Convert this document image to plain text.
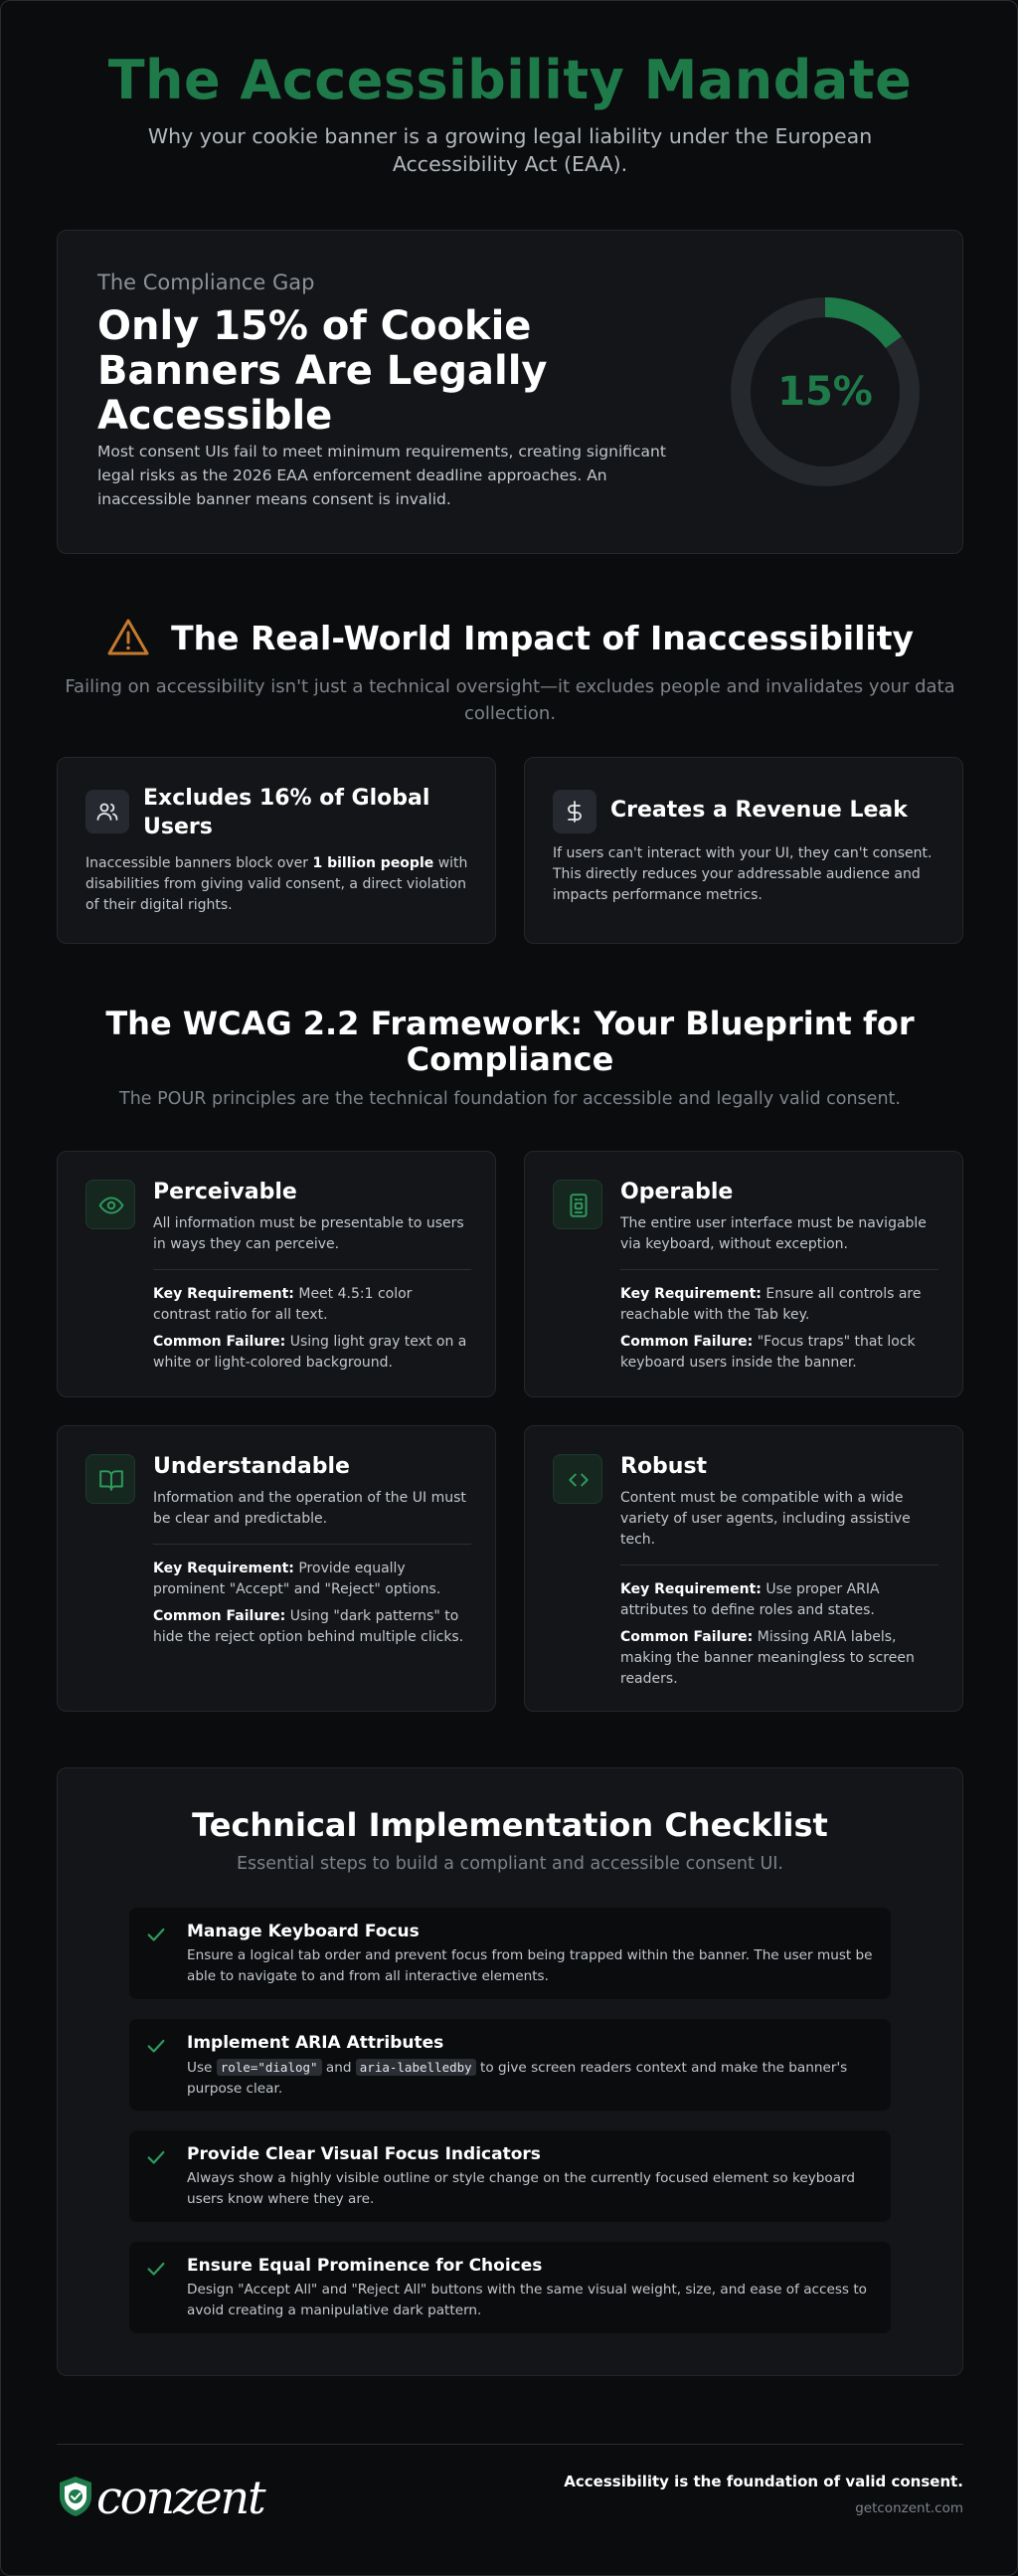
The Accessibility Mandate

Why your cookie banner is a growing legal liability under the European Accessibility Act (EAA).

The Compliance Gap
Only 15% of Cookie Banners Are Legally Accessible

Most consent UIs fail to meet minimum requirements, creating significant legal risks as the 2026 EAA enforcement deadline approaches. An inaccessible banner means consent is invalid.

15%
The Real-World Impact of Inaccessibility

Failing on accessibility isn't just a technical oversight—it excludes people and invalidates your data collection.

Excludes 16% of Global Users

Inaccessible banners block over 1 billion people with disabilities from giving valid consent, a direct violation of their digital rights.

Creates a Revenue Leak

If users can't interact with your UI, they can't consent. This directly reduces your addressable audience and impacts performance metrics.

The WCAG 2.2 Framework: Your Blueprint for Compliance

The POUR principles are the technical foundation for accessible and legally valid consent.

Perceivable

All information must be presentable to users in ways they can perceive.

Key Requirement: Meet 4.5:1 color contrast ratio for all text.

Common Failure: Using light gray text on a white or light-colored background.

Operable

The entire user interface must be navigable via keyboard, without exception.

Key Requirement: Ensure all controls are reachable with the Tab key.

Common Failure: "Focus traps" that lock keyboard users inside the banner.

Understandable

Information and the operation of the UI must be clear and predictable.

Key Requirement: Provide equally prominent "Accept" and "Reject" options.

Common Failure: Using "dark patterns" to hide the reject option behind multiple clicks.

Robust

Content must be compatible with a wide variety of user agents, including assistive tech.

Key Requirement: Use proper ARIA attributes to define roles and states.

Common Failure: Missing ARIA labels, making the banner meaningless to screen readers.

Technical Implementation Checklist

Essential steps to build a compliant and accessible consent UI.

Manage Keyboard Focus
Ensure a logical tab order and prevent focus from being trapped within the banner. The user must be able to navigate to and from all interactive elements.
Implement ARIA Attributes
Use role="dialog" and aria-labelledby to give screen readers context and make the banner's purpose clear.
Provide Clear Visual Focus Indicators
Always show a highly visible outline or style change on the currently focused element so keyboard users know where they are.
Ensure Equal Prominence for Choices
Design "Accept All" and "Reject All" buttons with the same visual weight, size, and ease of access to avoid creating a manipulative dark pattern.
conzent	Accessibility is the foundation of valid consent.
getconzent.com
